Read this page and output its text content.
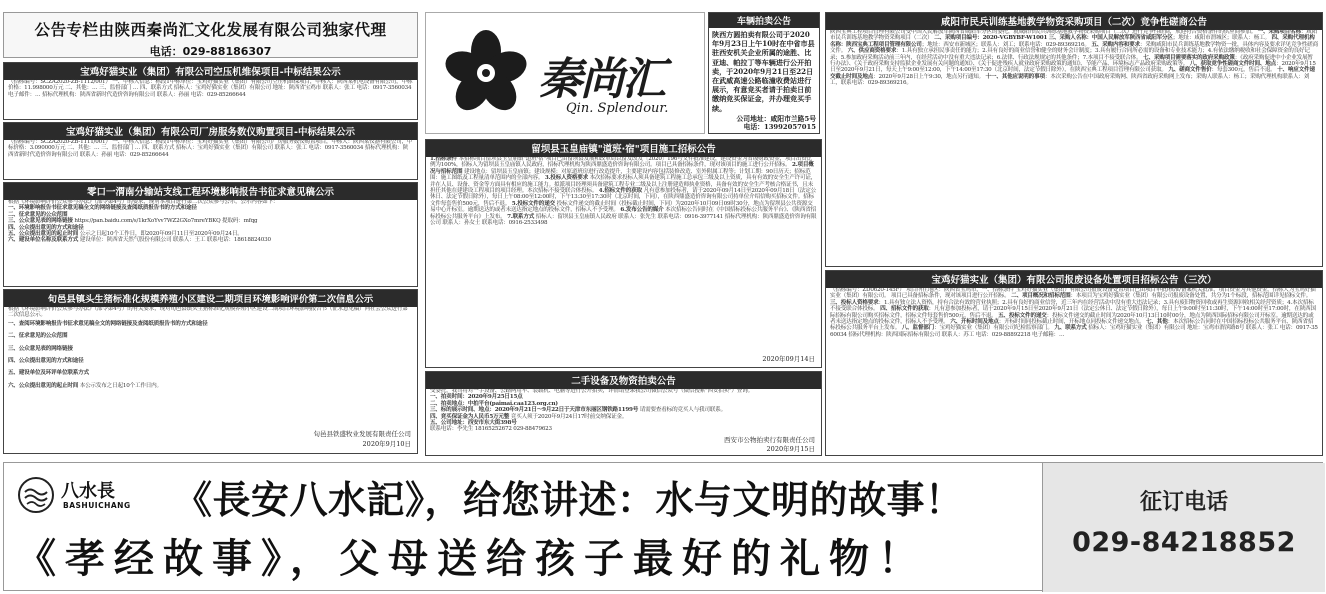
公告专栏由陕西秦尚汇文化发展有限公司独家代理
电话：029-88186307
宝鸡好猫实业（集团）有限公司空压机维保项目-中标结果公示
（招标编号：SCZA2020-ZB-1112/001） 一、中标人信息：标段1中标单位：宝鸡好猫实业（集团）有限公司空压机维保项目，中标人：陕西某机电设备有限公司，中标价格：11.998000万元 二、其他：… 三、监督部门 … 四、联系方式 招标人：宝鸡好猫实业（集团）有限公司 地址：陕西省宝鸡市 联系人：张工 电话：0917-3560034 电子邮件：… 招标代理机构：陕西省新时代造价咨询有限公司 联系人：孙丽 电话：029-85266644
宝鸡好猫实业（集团）有限公司厂房服务数仪购置项目-中标结果公示
（招标编号：SCZA2020-ZB-1111/001） 一、中标人信息：标段1中标单位：宝鸡好猫实业（集团）有限公司厂房服务数仪购置项目，中标人：陕西某仪器有限公司，中标价格：3.090000万元 二、其他：… 三、监督部门 … 四、联系方式 招标人：宝鸡好猫实业（集团）有限公司 联系人：张工 电话：0917-3560034 招标代理机构：陕西省新时代造价咨询有限公司 联系人：孙丽 电话：029-85266644
零口一渭南分输站支线工程环境影响报告书征求意见稿公示
根据《环境影响评价公众参与办法》（部令第4号）的要求，现对本项目进行第二次公众参与公示，公示内容如下：
一、环境影响报告书征求意见稿全文的网络链接及查阅纸质报告书的方式和途径
二、征求意见的公众范围
三、公众意见表的网络链接 https://pan.baidu.com/s/1krXoYvv7WZ2GXo7mreYBKQ 提取码：mfqg
四、公众提出意见的方式和途径
五、公众提出意见的起止时间 公示之日起10个工作日，即2020年09月11日至2020年09月24日。
六、建设单位名称及联系方式 建设单位：陕西省天然气股份有限公司 联系人：王工 联系电话：18618824030
旬邑县镇头生猪标准化规模养殖小区建设二期项目环境影响评价第二次信息公示
根据《环境影响评价公众参与办法》（部令第4号）的有关要求，现对旬邑县镇头生猪标准化规模养殖小区建设二期项目环境影响报告书（征求意见稿）向社会公众进行第二次信息公示。
一、查阅环境影响报告书征求意见稿全文的网络链接及查阅纸质报告书的方式和途径
二、征求意见的公众范围
三、公众意见表的网络链接
四、公众提出意见的方式和途径
五、建设单位及环评单位联系方式
六、公众提出意见的起止时间 本公示发布之日起10个工作日内。
旬邑县铁盛牧业发展有限责任公司
2020年9月10日
秦尚汇
Qin. Splendour.
车辆拍卖公告
陕西方圆拍卖有限公司于2020年9月23日上午10时在中省市县驻西安机关企业所属的途胜、比亚迪、帕拉丁等车辆进行公开拍卖，于2020年9月21日至22日在武威高速公路临潼收费站进行展示，有意竞买者请于拍卖日前缴纳竞买保证金，并办理竞买手续。
公司地址：咸阳市兰路5号
电话：13992057015
留坝县玉皇庙镇"道班·宿"项目施工招标公告
1.招标条件 本招标项目留坝县玉皇庙镇"道班·宿"项目已由留坝县发展和改革局以留发改发〔2020〕196号文件批准建设，建设资金为省级财政资金，项目出资比例为100%，招标人为留坝县玉皇庙镇人民政府，招标代理机构为陕西鼎盛造价咨询有限公司。项目已具备招标条件，现对该项目的施工进行公开招标。 2.项目概况与招标范围 建设地点：留坝县玉皇庙镇；建设规模：对原道班房进行改造提升，主要建设内容包括装修改造、室外附属工程等；计划工期：90日历天；招标范围：施工图纸及工程量清单范围内的全部内容。 3.投标人资格要求 本次招标要求投标人须具备建筑工程施工总承包三级及以上资质，具有有效的安全生产许可证，并在人员、设备、资金等方面具有相应的施工能力。拟派项目经理须具备建筑工程专业二级及以上注册建造师执业资格，具备有效的安全生产考核合格证书，且未担任其他在建建设工程项目的项目经理。本次招标不接受联合体投标。 4.招标文件的获取 凡有意参加投标者，请于2020年09月14日至2020年09月18日（法定公休日、法定节假日除外），每日上午08:00至12:00时，下午13:30至17:30时（北京时间，下同），在陕西鼎盛造价咨询有限公司持单位介绍信购买招标文件。招标文件每套售价500元，售后不退。 5.投标文件的递交 投标文件递交的截止时间（投标截止时间，下同）为2020年10月09日09时30分，地点为留坝县公共资源交易中心开标室。逾期送达的或者未送达指定地点的投标文件，招标人不予受理。 6.发布公告的媒介 本次招标公告同时在《中国招标投标公共服务平台》、《陕西省招标投标公共服务平台》上发布。 7.联系方式 招标人：留坝县玉皇庙镇人民政府 联系人：张先生 联系电话：0916-3977141 招标代理机构：陕西鼎盛造价咨询有限公司 联系人：孙女士 联系电话：0916-2533498
2020年09月14日
二手设备及物资拍卖公告
受委托，我司将对一手设备、公路两用车、装载机、电脑等进行公开拍卖，详情请登录我公司微信公众号（微信搜索"西安拍卖"）查询。
一、拍卖时间：2020年9月25日15点
二、拍卖地点：中拍平台(paimai.caa123.org.cn)
三、标的展示时间、地点：2020年9月21日～9月22日于天津市东丽区钢铁路1199号 请需要查看标的竞买人与我司联系。
四、竞买保证金为人民币5万元整 竞买人须于2020年9月24日17时前交纳保证金。
五、公司地址：西安市东大街398号
联系电话：李先生 18165252672 029-88479623
西安市公物拍卖行有限责任公司
2020年9月15日
咸阳市民兵训练基地教学物资采购项目（二次）竞争性磋商公告
陕西宝典工程项目管理有限公司受中国人民解放军陕西省咸阳军分区的委托，就咸阳市民兵训练基地教学物资采购项目（二次）进行竞争性磋商，欢迎符合资格条件的供应商参加。 一、采购项目名称：咸阳市民兵训练基地教学物资采购项目（二次） 二、采购项目编号：2020-VGBYBF-W1001 三、采购人名称：中国人民解放军陕西省咸阳军分区；地址：咸阳市渭城区；联系人：杨工。 四、采购代理机构名称：陕西宝典工程项目管理有限公司；地址：西安市新城区；联系人：刘工；联系电话：029-89369216。 五、采购内容和要求：采购咸阳市民兵训练基地教学物资一批，具体内容及要求详见竞争性磋商文件。 六、供应商资格要求：1.具有独立承担民事责任的能力；2.具有良好的商业信誉和健全的财务会计制度；3.具有履行合同所必需的设备和专业技术能力；4.有依法缴纳税收和社会保障资金的良好记录；5.参加政府采购活动前三年内，在经营活动中没有重大违法记录；6.法律、行政法规规定的其他条件；7.本项目不接受联合体。 七、采购项目需要落实的政府采购政策：《政府采购促进中小企业发展暂行办法》、《关于政府采购支持监狱企业发展有关问题的通知》、《关于促进残疾人就业政府采购政策的通知》、节能产品、环境标志产品政府采购政策等。 八、获取竞争性磋商文件时间、地点：2020年9月15日至2020年9月21日，每天上午9:00至12:00，下午14:00至17:30（北京时间，法定节假日除外），在陕西宝典工程项目管理有限公司获取。 九、磋商文件售价：每套300元，售后不退。 十、响应文件递交截止时间及地点：2020年9月28日上午9:30，地点另行通知。 十一、其他应说明的事项：本次采购公告在中国政府采购网、陕西省政府采购网上发布；采购人联系人：杨工；采购代理机构联系人：刘工，联系电话：029-89369216。
宝鸡好猫实业（集团）有限公司报废设备处置项目招标公告（三次）
（招标编号：ZD0620-145F） 项目所在地区：陕西省宝鸡市，一、招标条件 宝鸡好猫实业（集团）有限公司报废设备处置项目已由项目审批/核准/备案机关批准，项目资金为其他资金，招标人为宝鸡好猫实业（集团）有限公司。 项目已具备招标条件，现对该项目进行公开招标。 二、项目概况和招标范围：本项目为宝鸡好猫实业（集团）有限公司报废设备处置，共分为1个标段，招标范围详见招标文件。 三、投标人资格要求：1.具有独立法人资格，持有合法有效的营业执照；2.具有良好的商业信誉，近三年内在经营活动中没有重大违法记录；3.具有废旧物资回收或再生资源回收相关经营资质；4.本次招标不接受联合体投标。 四、招标文件的获取：凡有意参加投标者，请于2020年9月15日至2020年9月21日（法定公休日、法定节假日除外），每日上午9:00时至11:30时，下午14:00时至17:00时，在陕西国际招标有限公司购买招标文件，招标文件每套售价500元，售后不退。 五、投标文件的递交：投标文件递交的截止时间为2020年10月13日10时00分，地点为陕西国际招标有限公司开标室。逾期送达的或者未送达指定地点的投标文件，招标人不予受理。 六、开标时间及地点：开标时间同投标截止时间，开标地点同投标文件递交地点。 七、其他：本次招标公告同时在中国招标投标公共服务平台、陕西省招标投标公共服务平台上发布。 八、监督部门：宝鸡好猫实业（集团）有限公司纪检监察部门。 九、联系方式 招标人：宝鸡好猫实业（集团）有限公司 地址：宝鸡市渭滨路8号 联系人：张工 电话：0917-3560034 招标代理机构：陕西国际招标有限公司 联系人：苏工 电话：029-88892218 电子邮箱：…
八水長
BASHUICHANG 《長安八水記》，给您讲述：水与文明的故事！
《孝经故事》，父母送给孩子最好的礼物！
征订电话
029-84218852
